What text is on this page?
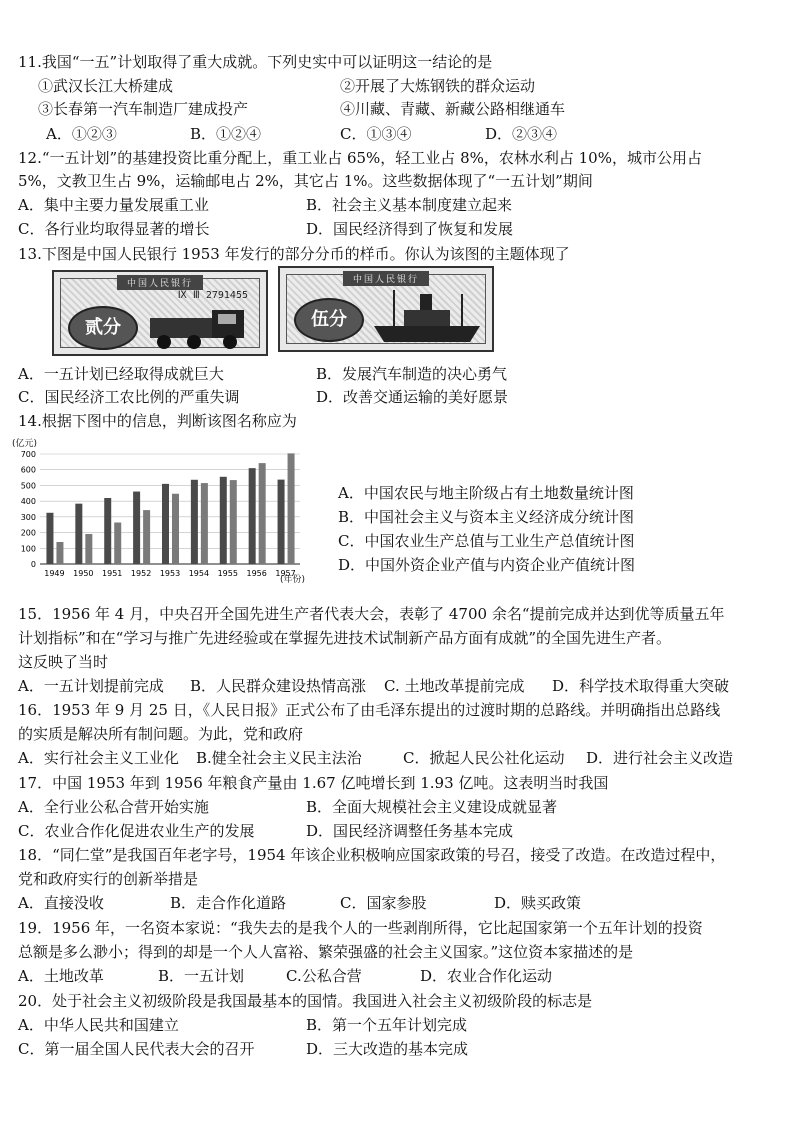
11.我国“一五”计划取得了重大成就。下列史实中可以证明这一结论的是
①武汉长江大桥建成	②开展了大炼钢铁的群众运动
③长春第一汽车制造厂建成投产	④川藏、青藏、新藏公路相继通车
A．①②③	B．①②④	C．①③④	D．②③④
12.“一五计划”的基建投资比重分配上，重工业占 65%，轻工业占 8%，农林水利占 10%，城市公用占
5%，文教卫生占 9%，运输邮电占 2%，其它占 1%。这些数据体现了“一五计划”期间
A．集中主要力量发展重工业	B．社会主义基本制度建立起来
C．各行业均取得显著的增长	D．国民经济得到了恢复和发展
13.下图是中国人民银行 1953 年发行的部分分币的样币。你认为该图的主题体现了
中国人民银行
Ⅸ Ⅲ 2791455
贰分
中国人民银行
伍分
A．一五计划已经取得成就巨大	B．发展汽车制造的决心勇气
C．国民经济工农比例的严重失调	D．改善交通运输的美好愿景
14.根据下图中的信息，判断该图名称应为
(亿元)
0
100
200
300
400
500
600
700
1949 1950 1951 1952 1953 1954 1955 1956 1957
(年份)
A．中国农民与地主阶级占有土地数量统计图
B．中国社会主义与资本主义经济成分统计图
C．中国农业生产总值与工业生产总值统计图
D．中国外资企业产值与内资企业产值统计图
15．1956 年 4 月，中央召开全国先进生产者代表大会，表彰了 4700 余名“提前完成并达到优等质量五年
计划指标”和在“学习与推广先进经验或在掌握先进技术试制新产品方面有成就”的全国先进生产者。
这反映了当时
A．一五计划提前完成 B．人民群众建设热情高涨 C. 土地改革提前完成 D．科学技术取得重大突破
16．1953 年 9 月 25 日，《人民日报》正式公布了由毛泽东提出的过渡时期的总路线。并明确指出总路线
的实质是解决所有制问题。为此，党和政府
A．实行社会主义工业化 B.健全社会主义民主法治	C．掀起人民公社化运动 D．进行社会主义改造
17．中国 1953 年到 1956 年粮食产量由 1.67 亿吨增长到 1.93 亿吨。这表明当时我国
A．全行业公私合营开始实施	B．全面大规模社会主义建设成就显著
C．农业合作化促进农业生产的发展	D．国民经济调整任务基本完成
18．“同仁堂”是我国百年老字号，1954 年该企业积极响应国家政策的号召，接受了改造。在改造过程中，
党和政府实行的创新举措是
A．直接没收	B．走合作化道路	C．国家参股	D．赎买政策
19．1956 年，一名资本家说：“我失去的是我个人的一些剥削所得，它比起国家第一个五年计划的投资
总额是多么渺小；得到的却是一个人人富裕、繁荣强盛的社会主义国家。”这位资本家描述的是
A．土地改革	B．一五计划	C.公私合营	D．农业合作化运动
20．处于社会主义初级阶段是我国最基本的国情。我国进入社会主义初级阶段的标志是
A．中华人民共和国建立	B．第一个五年计划完成
C．第一届全国人民代表大会的召开	D．三大改造的基本完成
